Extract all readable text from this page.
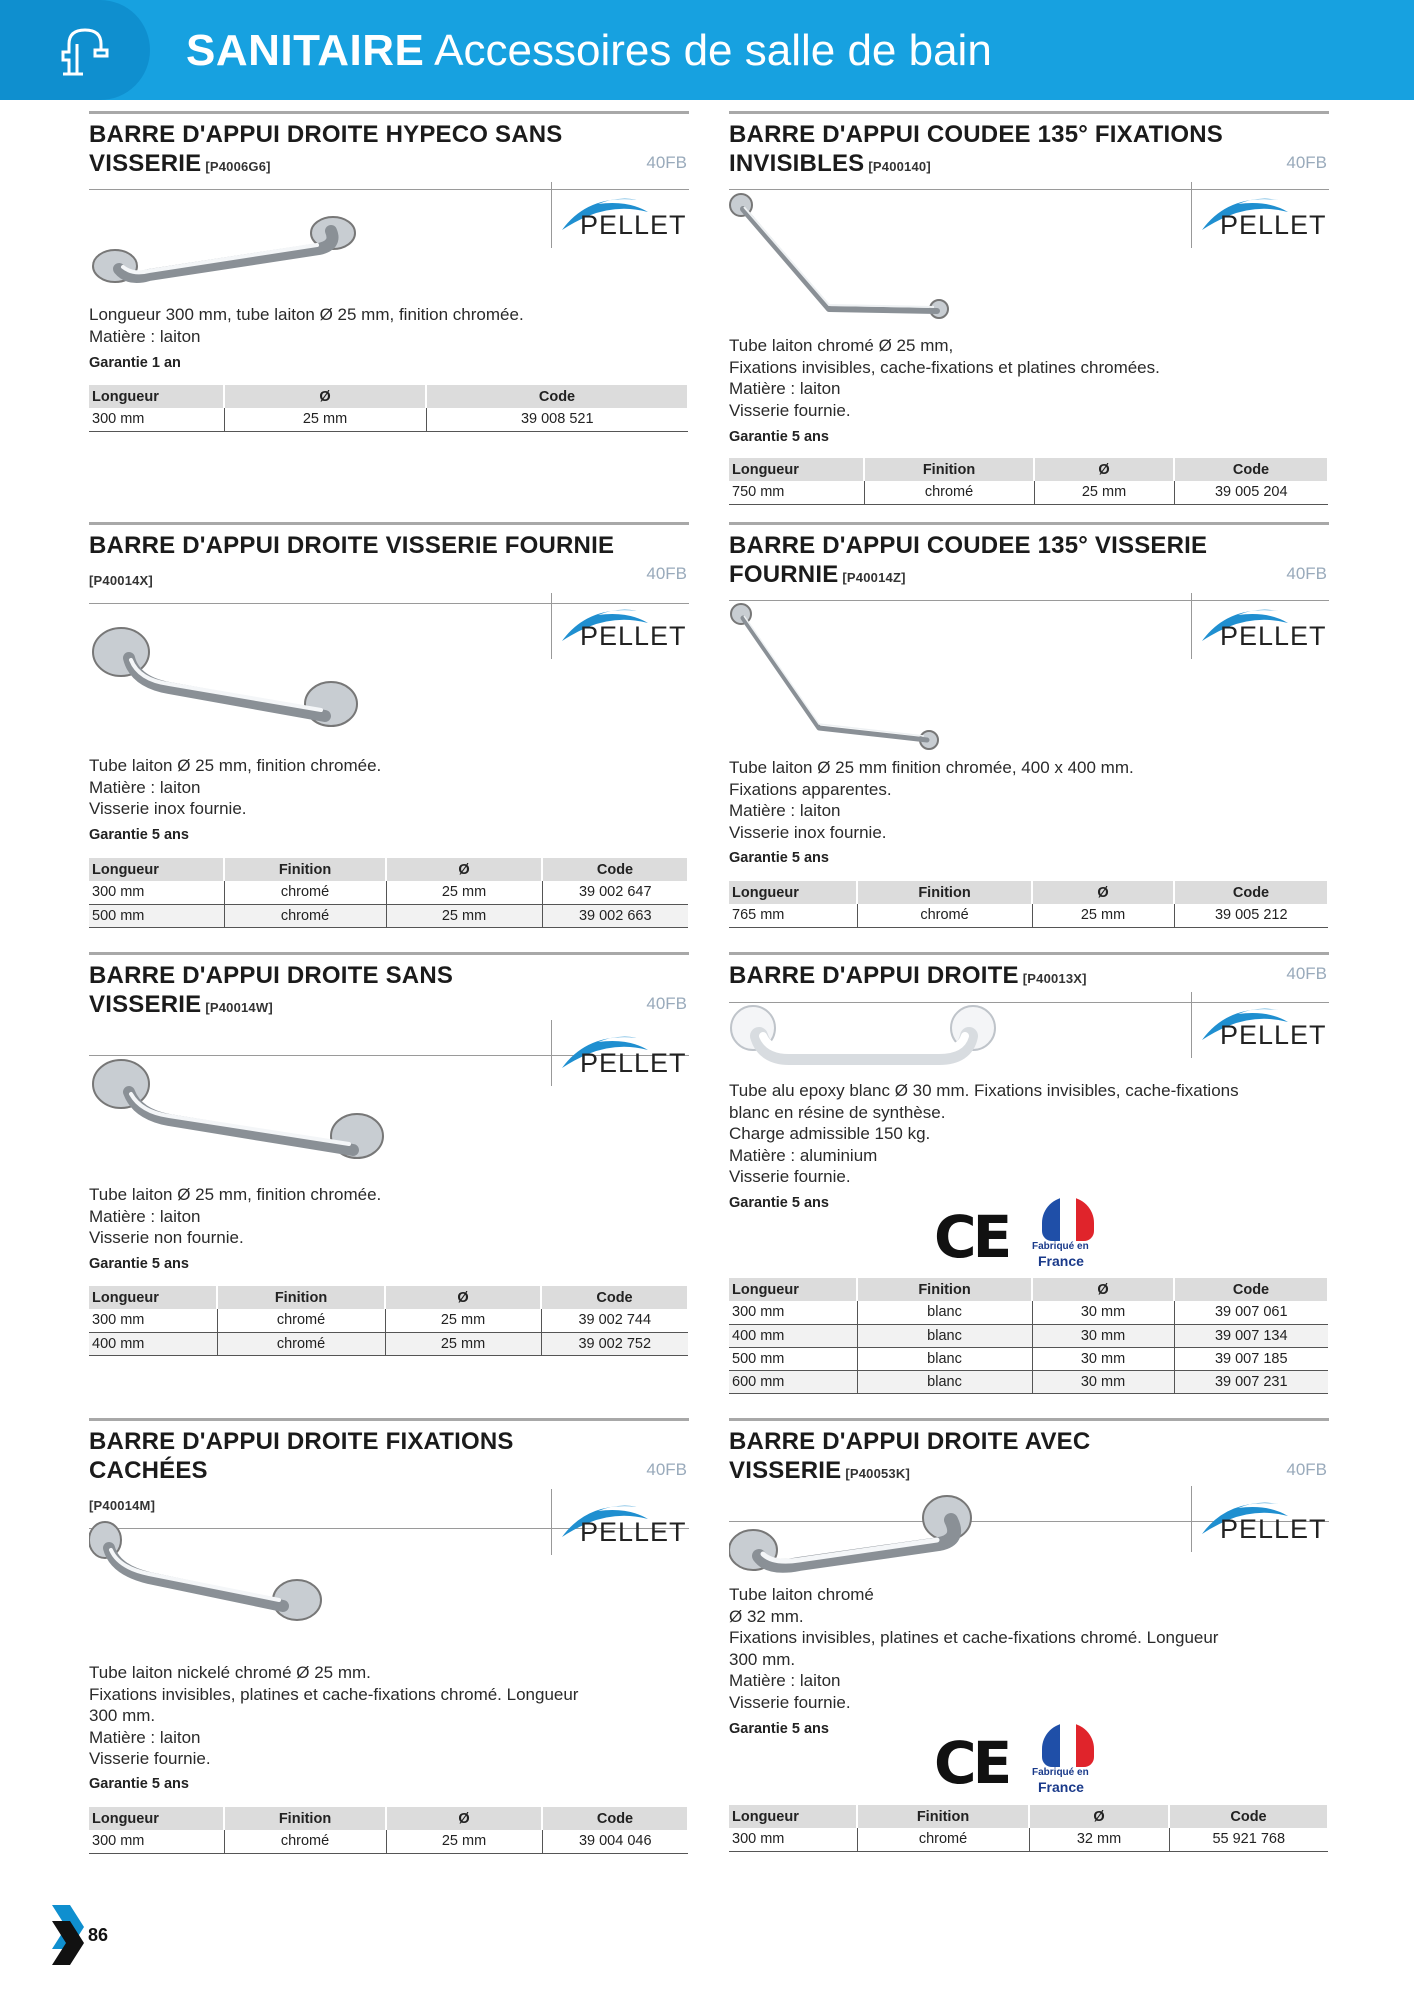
SANITAIRE Accessoires de salle de bain
BARRE D'APPUI DROITE HYPECO SANS VISSERIE [P4006G6]	40FB
PELLET
Longueur 300 mm, tube laiton Ø 25 mm, finition chromée.
Matière : laiton
Garantie 1 an
Longueur	Ø	Code
300 mm	25 mm	39 008 521
BARRE D'APPUI COUDEE 135° FIXATIONS INVISIBLES [P400140]	40FB
PELLET
Tube laiton chromé Ø 25 mm,
Fixations invisibles, cache-fixations et platines chromées.
Matière : laiton
Visserie fournie.
Garantie 5 ans
Longueur	Finition	Ø	Code
750 mm	chromé	25 mm	39 005 204
BARRE D'APPUI DROITE VISSERIE FOURNIE
[P40014X]	40FB
PELLET
Tube laiton Ø 25 mm, finition chromée.
Matière : laiton
Visserie inox fournie.
Garantie 5 ans
Longueur	Finition	Ø	Code
300 mm	chromé	25 mm	39 002 647
500 mm	chromé	25 mm	39 002 663
BARRE D'APPUI COUDEE 135° VISSERIE FOURNIE [P40014Z]	40FB
PELLET
Tube laiton Ø 25 mm finition chromée, 400 x 400 mm.
Fixations apparentes.
Matière : laiton
Visserie inox fournie.
Garantie 5 ans
Longueur	Finition	Ø	Code
765 mm	chromé	25 mm	39 005 212
BARRE D'APPUI DROITE SANS VISSERIE [P40014W]	40FB
PELLET
Tube laiton Ø 25 mm, finition chromée.
Matière : laiton
Visserie non fournie.
Garantie 5 ans
Longueur	Finition	Ø	Code
300 mm	chromé	25 mm	39 002 744
400 mm	chromé	25 mm	39 002 752
BARRE D'APPUI DROITE [P40013X]	40FB
PELLET
Tube alu epoxy blanc Ø 30 mm. Fixations invisibles, cache-fixations
blanc en résine de synthèse.
Charge admissible 150 kg.
Matière : aluminium
Visserie fournie.
Garantie 5 ans CE Fabriqué en
France
Longueur	Finition	Ø	Code
300 mm	blanc	30 mm	39 007 061
400 mm	blanc	30 mm	39 007 134
500 mm	blanc	30 mm	39 007 185
600 mm	blanc	30 mm	39 007 231
BARRE D'APPUI DROITE FIXATIONS CACHÉES
[P40014M]
40FB
PELLET
Tube laiton nickelé chromé Ø 25 mm.
Fixations invisibles, platines et cache-fixations chromé. Longueur
300 mm.
Matière : laiton
Visserie fournie.
Garantie 5 ans
Longueur	Finition	Ø	Code
300 mm	chromé	25 mm	39 004 046
BARRE D'APPUI DROITE AVEC VISSERIE [P40053K]	40FB
PELLET
Tube laiton chromé
Ø 32 mm.
Fixations invisibles, platines et cache-fixations chromé. Longueur
300 mm.
Matière : laiton
Visserie fournie.
Garantie 5 ans CE Fabriqué en
France
Longueur	Finition	Ø	Code
300 mm	chromé	32 mm	55 921 768
86
